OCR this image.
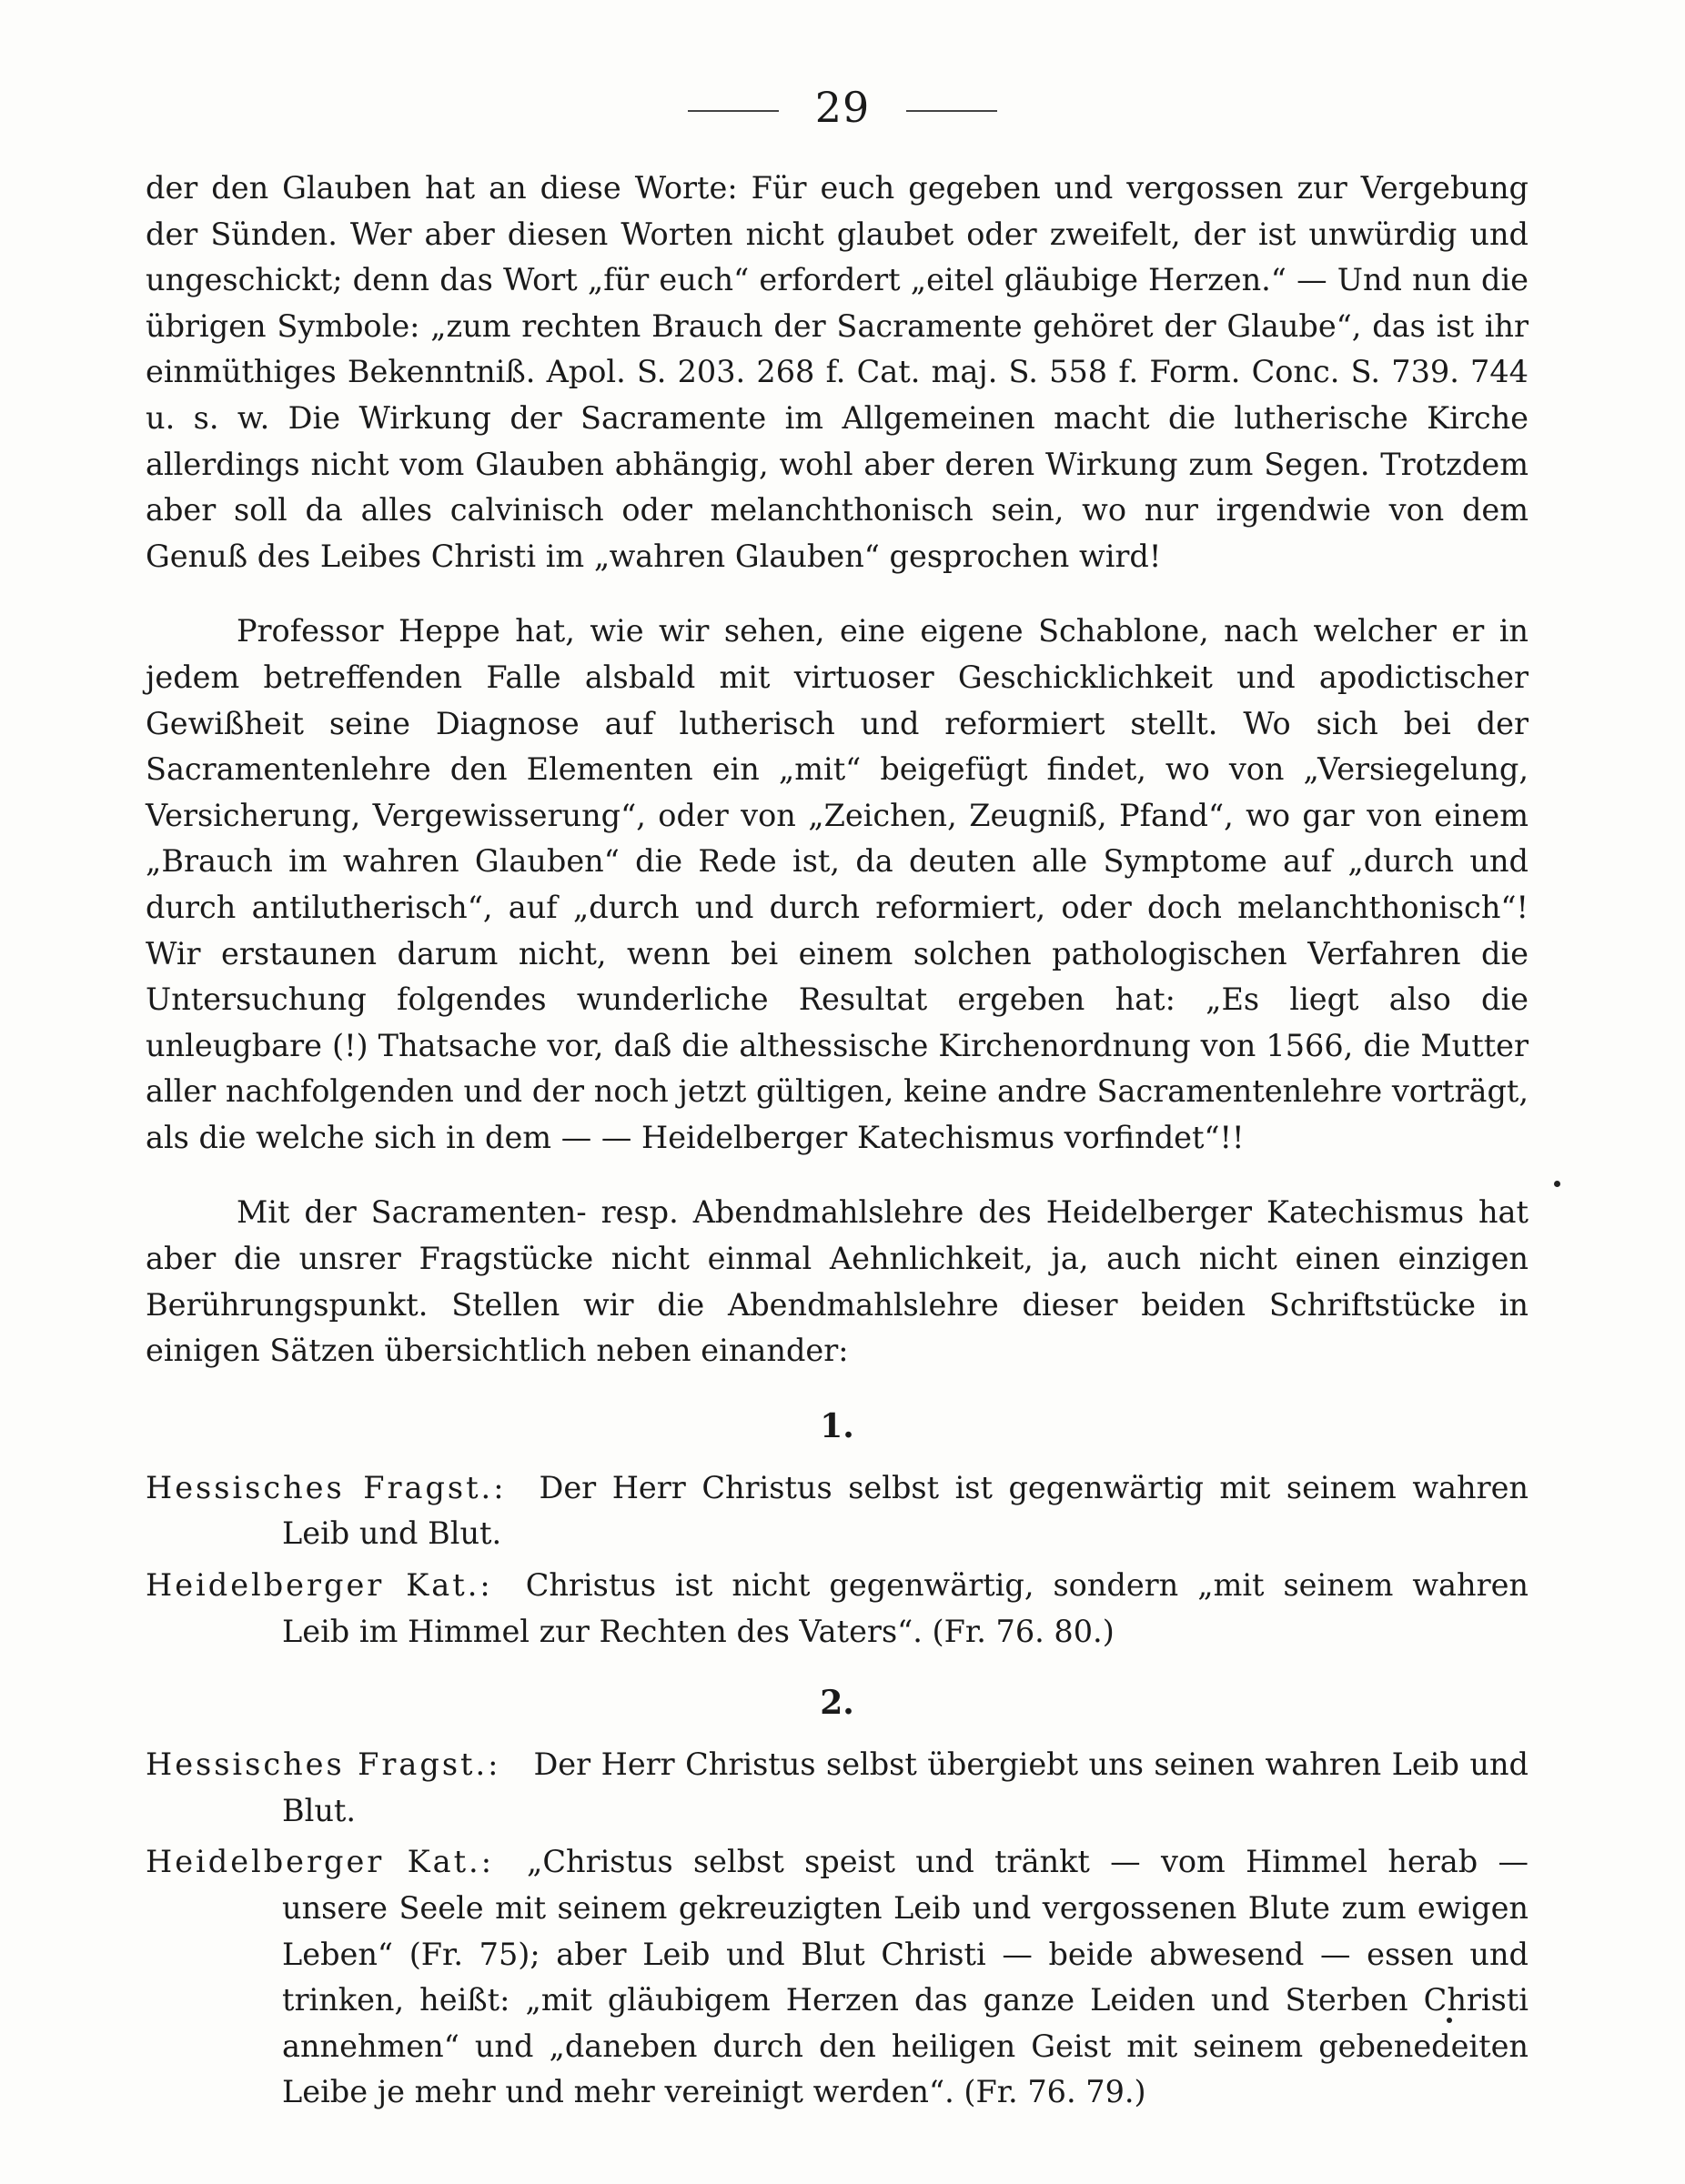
29

der den Glauben hat an diese Worte: Für euch gegeben und vergossen zur Vergebung der Sünden. Wer aber diesen Worten nicht glaubet oder zweifelt, der ist unwürdig und ungeschickt; denn das Wort „für euch“ erfordert „eitel gläubige Herzen.“ — Und nun die übrigen Symbole: „zum rechten Brauch der Sacramente gehöret der Glaube“, das ist ihr einmüthiges Bekenntniß. Apol. S. 203. 268 f. Cat. maj. S. 558 f. Form. Conc. S. 739. 744 u. s. w. Die Wirkung der Sacramente im Allgemeinen macht die lutherische Kirche allerdings nicht vom Glauben abhängig, wohl aber deren Wirkung zum Segen. Trotzdem aber soll da alles calvinisch oder melanchthonisch sein, wo nur irgendwie von dem Genuß des Leibes Christi im „wahren Glauben“ gesprochen wird!

Professor Heppe hat, wie wir sehen, eine eigene Schablone, nach welcher er in jedem betreffenden Falle alsbald mit virtuoser Geschicklichkeit und apodictischer Gewißheit seine Diagnose auf lutherisch und reformiert stellt. Wo sich bei der Sacramentenlehre den Elementen ein „mit“ beigefügt findet, wo von „Versiegelung, Versicherung, Vergewisserung“, oder von „Zeichen, Zeugniß, Pfand“, wo gar von einem „Brauch im wahren Glauben“ die Rede ist, da deuten alle Symptome auf „durch und durch antilutherisch“, auf „durch und durch reformiert, oder doch melanchthonisch“! Wir erstaunen darum nicht, wenn bei einem solchen pathologischen Verfahren die Untersuchung folgendes wunderliche Resultat ergeben hat: „Es liegt also die unleugbare (!) Thatsache vor, daß die althessische Kirchenordnung von 1566, die Mutter aller nachfolgenden und der noch jetzt gültigen, keine andre Sacramentenlehre vorträgt, als die welche sich in dem — — Heidelberger Katechismus vorfindet“!!

Mit der Sacramenten- resp. Abendmahlslehre des Heidelberger Katechismus hat aber die unsrer Fragstücke nicht einmal Aehnlichkeit, ja, auch nicht einen einzigen Berührungspunkt. Stellen wir die Abendmahlslehre dieser beiden Schriftstücke in einigen Sätzen übersichtlich neben einander:

1.

Hessisches Fragst.: Der Herr Christus selbst ist gegenwärtig mit seinem wahren Leib und Blut.

Heidelberger Kat.: Christus ist nicht gegenwärtig, sondern „mit seinem wahren Leib im Himmel zur Rechten des Vaters“. (Fr. 76. 80.)

2.

Hessisches Fragst.: Der Herr Christus selbst übergiebt uns seinen wahren Leib und Blut.

Heidelberger Kat.: „Christus selbst speist und tränkt — vom Himmel herab — unsere Seele mit seinem gekreuzigten Leib und vergossenen Blute zum ewigen Leben“ (Fr. 75); aber Leib und Blut Christi — beide abwesend — essen und trinken, heißt: „mit gläubigem Herzen das ganze Leiden und Sterben Christi annehmen“ und „daneben durch den heiligen Geist mit seinem gebenedeiten Leibe je mehr und mehr vereinigt werden“. (Fr. 76. 79.)
